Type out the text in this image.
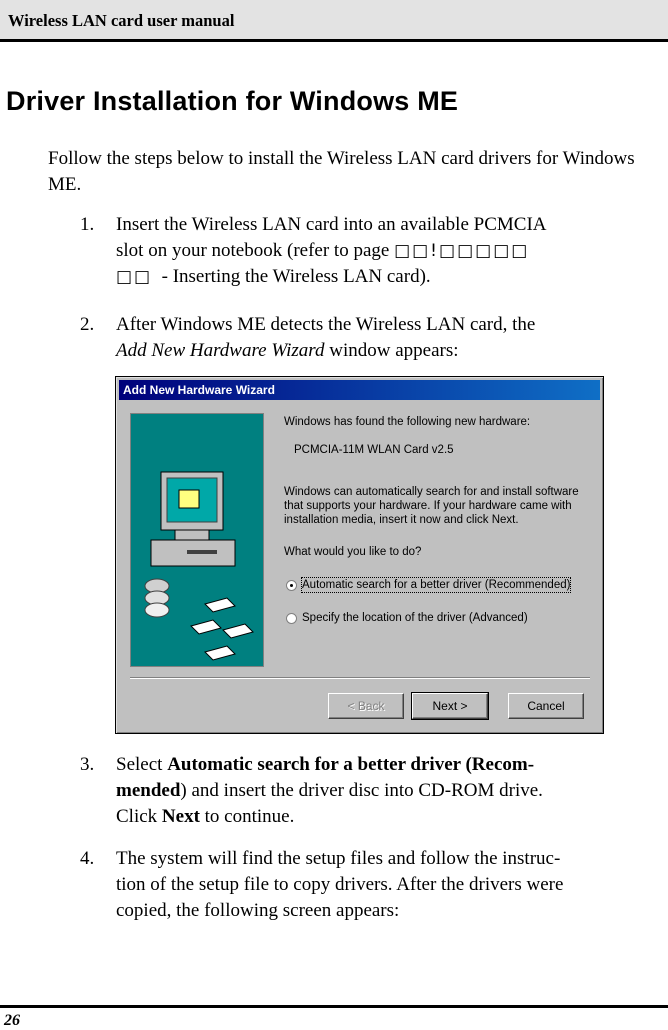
Wireless LAN card user manual
Driver Installation for Windows ME
Follow the steps below to install the Wireless LAN card drivers for Windows ME.
1. Insert the Wireless LAN card into an available PCMCIA
slot on your notebook (refer to page □□!□□□□□
□□ - Inserting the Wireless LAN card).
2. After Windows ME detects the Wireless LAN card, the
Add New Hardware Wizard window appears:
Add New Hardware Wizard
Windows has found the following new hardware:
PCMCIA-11M WLAN Card v2.5
Windows can automatically search for and install software
that supports your hardware. If your hardware came with
installation media, insert it now and click Next.
What would you like to do?
Automatic search for a better driver (Recommended)
Specify the location of the driver (Advanced)
< Back	Next >	Cancel
3. Select Automatic search for a better driver (Recom-
mended) and insert the driver disc into CD-ROM drive.
Click Next to continue.
4. The system will find the setup files and follow the instruc-
tion of the setup file to copy drivers. After the drivers were
copied, the following screen appears:
26
